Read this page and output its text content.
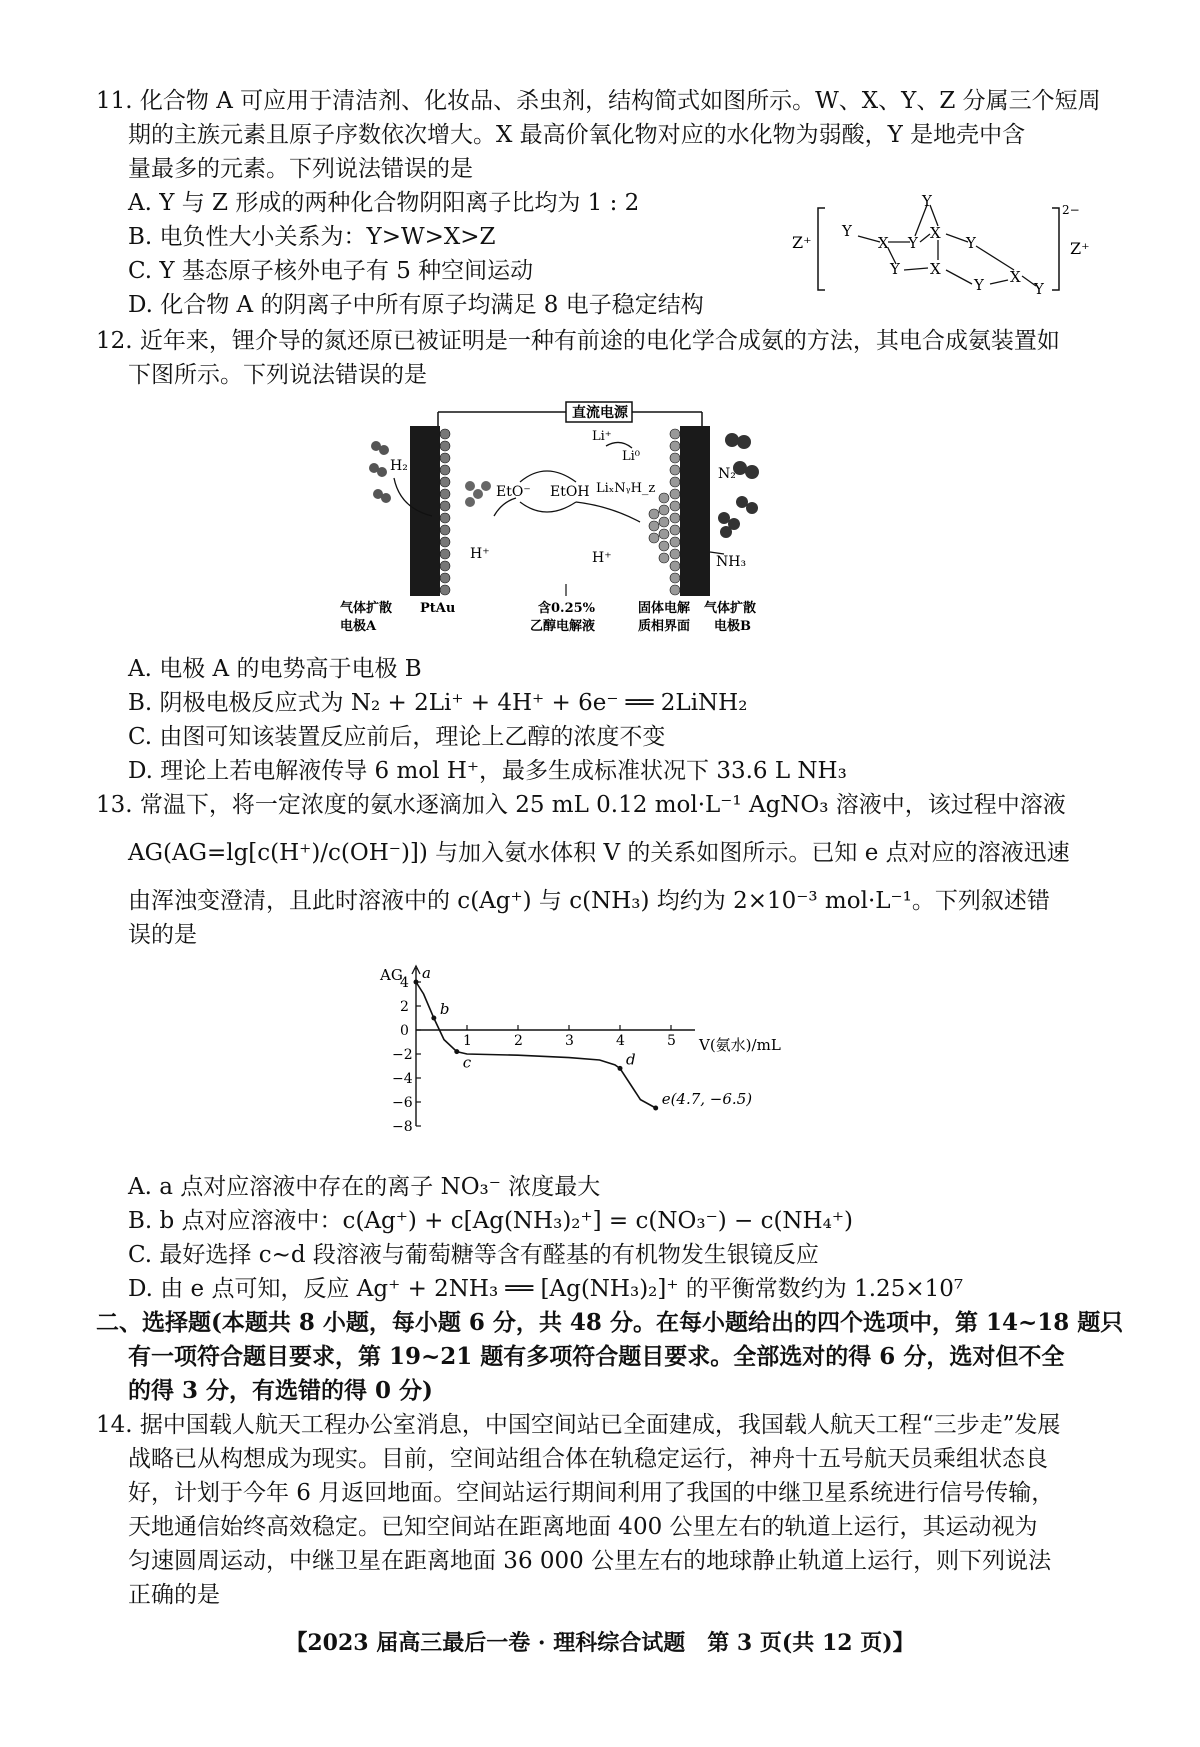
11. 化合物 A 可应用于清洁剂、化妆品、杀虫剂，结构简式如图所示。W、X、Y、Z 分属三个短周
期的主族元素且原子序数依次增大。X 最高价氧化物对应的水化物为弱酸，Y 是地壳中含
量最多的元素。下列说法错误的是
A. Y 与 Z 形成的两种化合物阴阳离子比均为 1 : 2
B. 电负性大小关系为：Y>W>X>Z
C. Y 基态原子核外电子有 5 种空间运动
D. 化合物 A 的阴离子中所有原子均满足 8 电子稳定结构
Z⁺
2−
Z⁺
Y
Y
X Y
X
Y
Y X
Y X
Y
12. 近年来，锂介导的氮还原已被证明是一种有前途的电化学合成氨的方法，其电合成氨装置如
下图所示。下列说法错误的是
直流电源
H₂
Li⁺
Li⁰
EtO⁻ EtOH LiₓNᵧH_z
N₂
H⁺	H⁺	NH₃
气体扩散
电极A
PtAu	含0.25%
乙醇电解液
固体电解
质相界面
气体扩散
电极B
A. 电极 A 的电势高于电极 B
B. 阴极电极反应式为 N₂ + 2Li⁺ + 4H⁺ + 6e⁻ ══ 2LiNH₂
C. 由图可知该装置反应前后，理论上乙醇的浓度不变
D. 理论上若电解液传导 6 mol H⁺，最多生成标准状况下 33.6 L NH₃
13. 常温下，将一定浓度的氨水逐滴加入 25 mL 0.12 mol·L⁻¹ AgNO₃ 溶液中，该过程中溶液
AG(AG=lg[c(H⁺)/c(OH⁻)]) 与加入氨水体积 V 的关系如图所示。已知 e 点对应的溶液迅速
由浑浊变澄清，且此时溶液中的 c(Ag⁺) 与 c(NH₃) 均约为 2×10⁻³ mol·L⁻¹。下列叙述错
误的是
1	2	3	4	5
4
2
0
−2
−4
−6
−8
a
b
c	d
e(4.7, −6.5)
AG
V(氨水)/mL
A. a 点对应溶液中存在的离子 NO₃⁻ 浓度最大
B. b 点对应溶液中：c(Ag⁺) + c[Ag(NH₃)₂⁺] = c(NO₃⁻) − c(NH₄⁺)
C. 最好选择 c∼d 段溶液与葡萄糖等含有醛基的有机物发生银镜反应
D. 由 e 点可知，反应 Ag⁺ + 2NH₃ ══ [Ag(NH₃)₂]⁺ 的平衡常数约为 1.25×10⁷
二、选择题(本题共 8 小题，每小题 6 分，共 48 分。在每小题给出的四个选项中，第 14~18 题只
有一项符合题目要求，第 19~21 题有多项符合题目要求。全部选对的得 6 分，选对但不全
的得 3 分，有选错的得 0 分)
14. 据中国载人航天工程办公室消息，中国空间站已全面建成，我国载人航天工程“三步走”发展
战略已从构想成为现实。目前，空间站组合体在轨稳定运行，神舟十五号航天员乘组状态良
好，计划于今年 6 月返回地面。空间站运行期间利用了我国的中继卫星系统进行信号传输，
天地通信始终高效稳定。已知空间站在距离地面 400 公里左右的轨道上运行，其运动视为
匀速圆周运动，中继卫星在距离地面 36 000 公里左右的地球静止轨道上运行，则下列说法
正确的是
【2023 届高三最后一卷 · 理科综合试题　第 3 页(共 12 页)】
